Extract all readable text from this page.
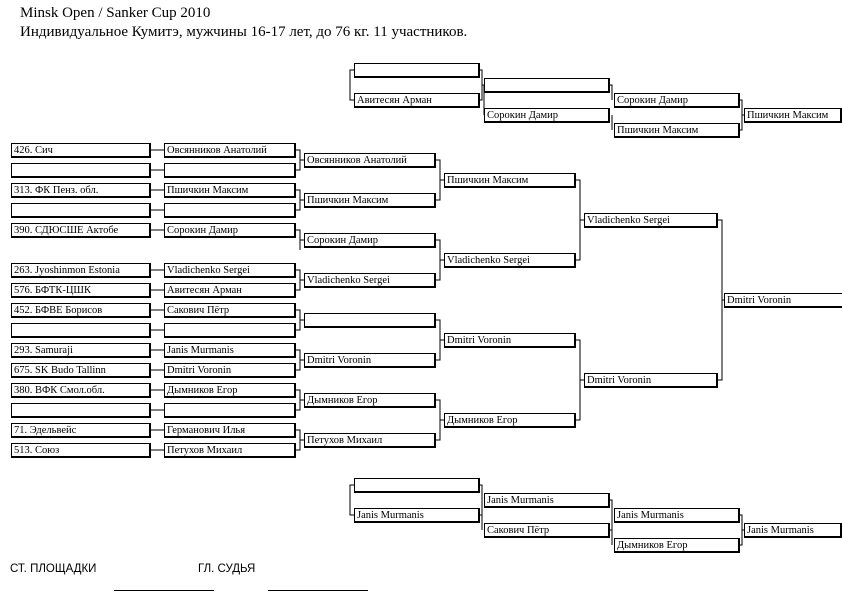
Minsk Open / Sanker Cup 2010
Индивидуальное Кумитэ, мужчины 16-17 лет, до 76 кг. 11 участников.
426. Сич
313. ФК Пенз. обл.
390. СДЮСШЕ Актобе
263. Jyoshinmon Estonia
576. БФТК-ЦШК
452. БФВЕ Борисов
293. Samuraji
675. SK Budo Tallinn
380. ВФК Смол.обл.
71. Эдельвейс
513. Союз
Овсянников Анатолий
Пшичкин Максим
Сорокин Дамир
Vladichenko Sergei
Авитесян Арман
Сакович Пётр
Janis Murmanis
Dmitri Voronin
Дымников Егор
Германович Илья
Петухов Михаил
Овсянников Анатолий
Пшичкин Максим
Сорокин Дамир
Vladichenko Sergei
Dmitri Voronin
Дымников Егор
Петухов Михаил
Пшичкин Максим
Vladichenko Sergei
Dmitri Voronin
Дымников Егор
Vladichenko Sergei
Dmitri Voronin
Dmitri Voronin
Авитесян Арман
Сорокин Дамир
Сорокин Дамир
Пшичкин Максим
Пшичкин Максим
Janis Murmanis
Janis Murmanis
Сакович Пётр
Janis Murmanis
Дымников Егор
Janis Murmanis
СТ. ПЛОЩАДКИ	ГЛ. СУДЬЯ
